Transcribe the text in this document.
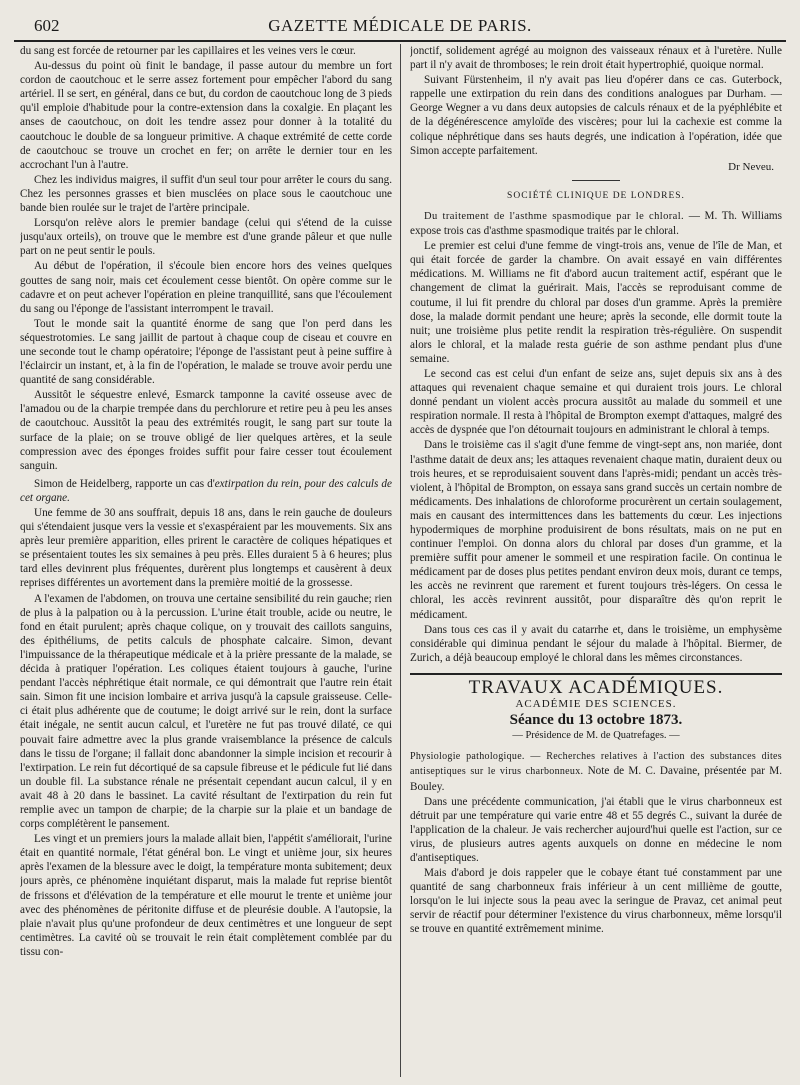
602	GAZETTE MÉDICALE DE PARIS.

du sang est forcée de retourner par les capillaires et les veines vers le cœur.

Au-dessus du point où finit le bandage, il passe autour du membre un fort cordon de caoutchouc et le serre assez fortement pour empêcher l'abord du sang artériel. Il se sert, en général, dans ce but, du cordon de caoutchouc long de 3 pieds qu'il emploie d'habitude pour la contre-extension dans la coxalgie. En plaçant les anses de caoutchouc, on doit les tendre assez pour donner à la totalité du caoutchouc le double de sa longueur primitive. A chaque extrémité de cette corde de caoutchouc se trouve un crochet en fer; on arrête le dernier tour en les accrochant l'un à l'autre.

Chez les individus maigres, il suffit d'un seul tour pour arrêter le cours du sang. Chez les personnes grasses et bien musclées on place sous le caoutchouc une bande bien roulée sur le trajet de l'artère principale.

Lorsqu'on relève alors le premier bandage (celui qui s'étend de la cuisse jusqu'aux orteils), on trouve que le membre est d'une grande pâleur et que nulle part on ne peut sentir le pouls.

Au début de l'opération, il s'écoule bien encore hors des veines quelques gouttes de sang noir, mais cet écoulement cesse bientôt. On opère comme sur le cadavre et on peut achever l'opération en pleine tranquillité, sans que l'écoulement du sang ou l'éponge de l'assistant interrompent le travail.

Tout le monde sait la quantité énorme de sang que l'on perd dans les séquestrotomies. Le sang jaillit de partout à chaque coup de ciseau et couvre en une seconde tout le champ opératoire; l'éponge de l'assistant peut à peine suffire à l'éclaircir un instant, et, à la fin de l'opération, le malade se trouve avoir perdu une quantité de sang considérable.

Aussitôt le séquestre enlevé, Esmarck tamponne la cavité osseuse avec de l'amadou ou de la charpie trempée dans du perchlorure et retire peu à peu les anses de caoutchouc. Aussitôt la peau des extrémités rougit, le sang part sur toute la surface de la plaie; on se trouve obligé de lier quelques artères, et la seule compression avec des éponges froides suffit pour faire cesser tout écoulement sanguin.

Simon de Heidelberg, rapporte un cas d'extirpation du rein, pour des calculs de cet organe.

Une femme de 30 ans souffrait, depuis 18 ans, dans le rein gauche de douleurs qui s'étendaient jusque vers la vessie et s'exaspéraient par les mouvements. Six ans après leur première apparition, elles prirent le caractère de coliques hépatiques et se présentaient toutes les six semaines à peu près. Elles duraient 5 à 6 heures; plus tard elles devinrent plus fréquentes, durèrent plus longtemps et causèrent à deux reprises différentes un avortement dans la première moitié de la grossesse.

A l'examen de l'abdomen, on trouva une certaine sensibilité du rein gauche; rien de plus à la palpation ou à la percussion. L'urine était trouble, acide ou neutre, le fond en était purulent; après chaque colique, on y trouvait des caillots sanguins, des épithéliums, de petits calculs de phosphate calcaire. Simon, devant l'impuissance de la thérapeutique médicale et à la prière pressante de la malade, se décida à pratiquer l'opération. Les coliques étaient toujours à gauche, l'urine pendant l'accès néphrétique était normale, ce qui démontrait que l'autre rein était sain. Simon fit une incision lombaire et arriva jusqu'à la capsule graisseuse. Celle-ci était plus adhérente que de coutume; le doigt arrivé sur le rein, dont la surface était inégale, ne sentit aucun calcul, et l'uretère ne fut pas trouvé dilaté, ce qui pouvait faire admettre avec la plus grande vraisemblance la présence de calculs dans le tissu de l'organe; il fallait donc abandonner la simple incision et recourir à l'extirpation. Le rein fut décortiqué de sa capsule fibreuse et le pédicule fut lié dans un double fil. La substance rénale ne présentait cependant aucun calcul, il y en avait 48 à 20 dans le bassinet. La cavité résultant de l'extirpation du rein fut remplie avec un tampon de charpie; de la charpie sur la plaie et un bandage de corps complétèrent le pansement.

Les vingt et un premiers jours la malade allait bien, l'appétit s'améliorait, l'urine était en quantité normale, l'état général bon. Le vingt et unième jour, six heures après l'examen de la blessure avec le doigt, la température monta subitement; deux jours après, ce phénomène inquiétant disparut, mais la malade fut reprise bientôt de frissons et d'élévation de la température et elle mourut le trente et unième jour avec des phénomènes de péritonite diffuse et de pleurésie double. A l'autopsie, la plaie n'avait plus qu'une profondeur de deux centimètres et une longueur de sept centimètres. La cavité où se trouvait le rein était complètement comblée par du tissu con-

jonctif, solidement agrégé au moignon des vaisseaux rénaux et à l'uretère. Nulle part il n'y avait de thromboses; le rein droit était hypertrophié, quoique normal.

Suivant Fürstenheim, il n'y avait pas lieu d'opérer dans ce cas. Guterbock, rappelle une extirpation du rein dans des conditions analogues par Durham. — George Wegner a vu dans deux autopsies de calculs rénaux et de la pyéphlébite et de la dégénérescence amyloïde des viscères; pour lui la cachexie est comme la colique néphrétique dans ses hauts degrés, une indication à l'opération, idée que Simon accepte parfaitement.

Dr Neveu.
SOCIÉTÉ CLINIQUE DE LONDRES.

Du traitement de l'asthme spasmodique par le chloral. — M. Th. Williams expose trois cas d'asthme spasmodique traités par le chloral.

Le premier est celui d'une femme de vingt-trois ans, venue de l'île de Man, et qui était forcée de garder la chambre. On avait essayé en vain différentes médications. M. Williams ne fit d'abord aucun traitement actif, espérant que le changement de climat la guérirait. Mais, l'accès se reproduisant comme de coutume, il lui fit prendre du chloral par doses d'un gramme. Après la première dose, la malade dormit pendant une heure; après la seconde, elle dormit toute la nuit; une troisième plus petite rendit la respiration très-régulière. On suspendit alors le chloral, et la malade resta guérie de son asthme pendant plus d'une semaine.

Le second cas est celui d'un enfant de seize ans, sujet depuis six ans à des attaques qui revenaient chaque semaine et qui duraient trois jours. Le chloral donné pendant un violent accès procura aussitôt au malade du sommeil et une respiration normale. Il resta à l'hôpital de Brompton exempt d'attaques, malgré des accès de dyspnée que l'on détournait toujours en administrant le chloral à temps.

Dans le troisième cas il s'agit d'une femme de vingt-sept ans, non mariée, dont l'asthme datait de deux ans; les attaques revenaient chaque matin, duraient deux ou trois heures, et se reproduisaient souvent dans l'après-midi; pendant un accès très-violent, à l'hôpital de Brompton, on essaya sans grand succès un certain nombre de médicaments. Des inhalations de chloroforme procurèrent un certain soulagement, mais en causant des intermittences dans les battements du cœur. Les injections hypodermiques de morphine produisirent de bons résultats, mais on ne put en continuer l'emploi. On donna alors du chloral par doses d'un gramme, et la première suffit pour amener le sommeil et une respiration facile. On continua le médicament par de doses plus petites pendant environ deux mois, durant ce temps, les accès ne revinrent que rarement et furent toujours très-légers. On cessa le chloral, les accès revinrent aussitôt, pour disparaître dès qu'on reprit le médicament.

Dans tous ces cas il y avait du catarrhe et, dans le troisième, un emphysème considérable qui diminua pendant le séjour du malade à l'hôpital. Biermer, de Zurich, a déjà beaucoup employé le chloral dans les mêmes circonstances.

TRAVAUX ACADÉMIQUES.
ACADÉMIE DES SCIENCES.
Séance du 13 octobre 1873.
— Présidence de M. de Quatrefages. —

Physiologie pathologique. — Recherches relatives à l'action des substances dites antiseptiques sur le virus charbonneux. Note de M. C. Davaine, présentée par M. Bouley.

Dans une précédente communication, j'ai établi que le virus charbonneux est détruit par une température qui varie entre 48 et 55 degrés C., suivant la durée de l'application de la chaleur. Je vais rechercher aujourd'hui quelle est l'action, sur ce virus, de plusieurs autres agents auxquels on donne en médecine le nom d'antiseptiques.

Mais d'abord je dois rappeler que le cobaye étant tué constamment par une quantité de sang charbonneux frais inférieur à un cent millième de goutte, lorsqu'on le lui injecte sous la peau avec la seringue de Pravaz, cet animal peut servir de réactif pour déterminer l'existence du virus charbonneux, même lorsqu'il se trouve en quantité extrêmement minime.
